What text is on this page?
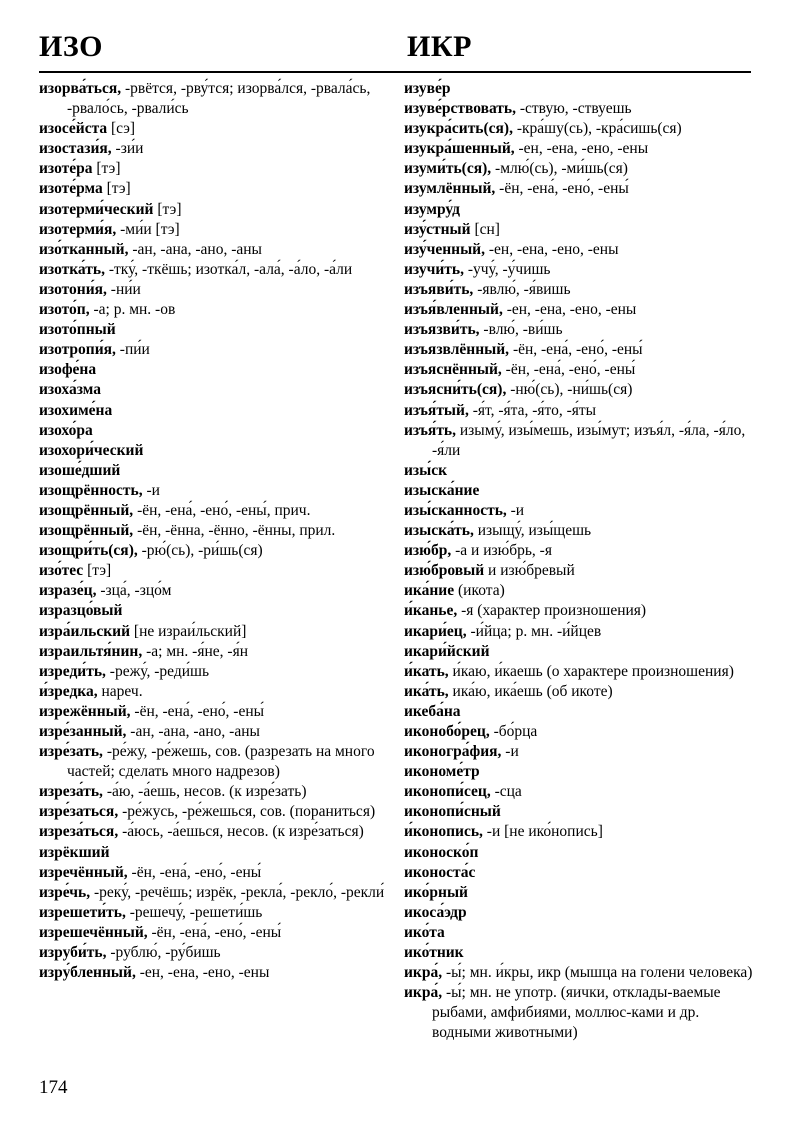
ИЗО	ИКР

изорва́ться, -рвётся, -рву́тся; изорва́лся, -рвала́сь, -рвало́сь, -рвали́сь

изосе́йста [сэ]

изостази́я, -зи́и

изоте́ра [тэ]

изоте́рма [тэ]

изотерми́ческий [тэ]

изотерми́я, -ми́и [тэ]

изо́тканный, -ан, -ана, -ано, -аны

изотка́ть, -тку́, -ткёшь; изотка́л, -ала́, -а́ло, -а́ли

изотони́я, -ни́и

изото́п, -а; р. мн. -ов

изото́пный

изотропи́я, -пи́и

изофе́на

изоха́зма

изохиме́на

изохо́ра

изохори́ческий

изоше́дший

изощрённость, -и

изощрённый, -ён, -ена́, -ено́, -ены́, прич.

изощрённый, -ён, -ённа, -ённо, -ённы, прил.

изощри́ть(ся), -рю́(сь), -ри́шь(ся)

изо́тес [тэ]

изразе́ц, -зца́, -зцо́м

изразцо́вый

изра́ильский [не израи́льский]

израильтя́нин, -а; мн. -я́не, -я́н

изреди́ть, -режу́, -реди́шь

и́зредка, нареч.

изрежённый, -ён, -ена́, -ено́, -ены́

изре́занный, -ан, -ана, -ано, -аны

изре́зать, -ре́жу, -ре́жешь, сов. (разрезать на много частей; сделать много надрезов)

изреза́ть, -а́ю, -а́ешь, несов. (к изре́зать)

изре́заться, -ре́жусь, -ре́жешься, сов. (пораниться)

изреза́ться, -а́юсь, -а́ешься, несов. (к изре́заться)

изрёкший

изречённый, -ён, -ена́, -ено́, -ены́

изре́чь, -реку́, -речёшь; изрёк, -рекла́, -рекло́, -рекли́

изрешети́ть, -решечу́, -решети́шь

изрешечённый, -ён, -ена́, -ено́, -ены́

изруби́ть, -рублю́, -ру́бишь

изру́бленный, -ен, -ена, -ено, -ены

изуве́р

изуве́рствовать, -ствую, -ствуешь

изукра́сить(ся), -кра́шу(сь), -кра́сишь(ся)

изукра́шенный, -ен, -ена, -ено, -ены

изуми́ть(ся), -млю́(сь), -ми́шь(ся)

изумлённый, -ён, -ена́, -ено́, -ены́

изумру́д

изу́стный [сн]

изу́ченный, -ен, -ена, -ено, -ены

изучи́ть, -учу́, -у́чишь

изъяви́ть, -явлю́, -я́вишь

изъя́вленный, -ен, -ена, -ено, -ены

изъязви́ть, -влю́, -ви́шь

изъязвлённый, -ён, -ена́, -ено́, -ены́

изъяснённый, -ён, -ена́, -ено́, -ены́

изъясни́ть(ся), -ню́(сь), -ни́шь(ся)

изъя́тый, -я́т, -я́та, -я́то, -я́ты

изъя́ть, изыму́, изы́мешь, изы́мут; изъя́л, -я́ла, -я́ло, -я́ли

изы́ск

изыска́ние

изы́сканность, -и

изыска́ть, изыщу́, изы́щешь

изю́бр, -а и изю́брь, -я

изю́бровый и изю́бревый

ика́ние (икота)

и́канье, -я (характер произношения)

икари́ец, -и́йца; р. мн. -и́йцев

икари́йский

и́кать, и́каю, и́каешь (о характере произношения)

ика́ть, ика́ю, ика́ешь (об икоте)

икеба́на

иконобо́рец, -бо́рца

иконогра́фия, -и

икономе́тр

иконопи́сец, -сца

иконопи́сный

и́конопись, -и [не ико́нопись]

иконоско́п

иконоста́с

ико́рный

икоса́эдр

ико́та

ико́тник

икра́, -ы́; мн. и́кры, икр (мышца на голени человека)

икра́, -ы́; мн. не употр. (яички, отклады-ваемые рыбами, амфибиями, моллюс-ками и др. водными животными)

174
